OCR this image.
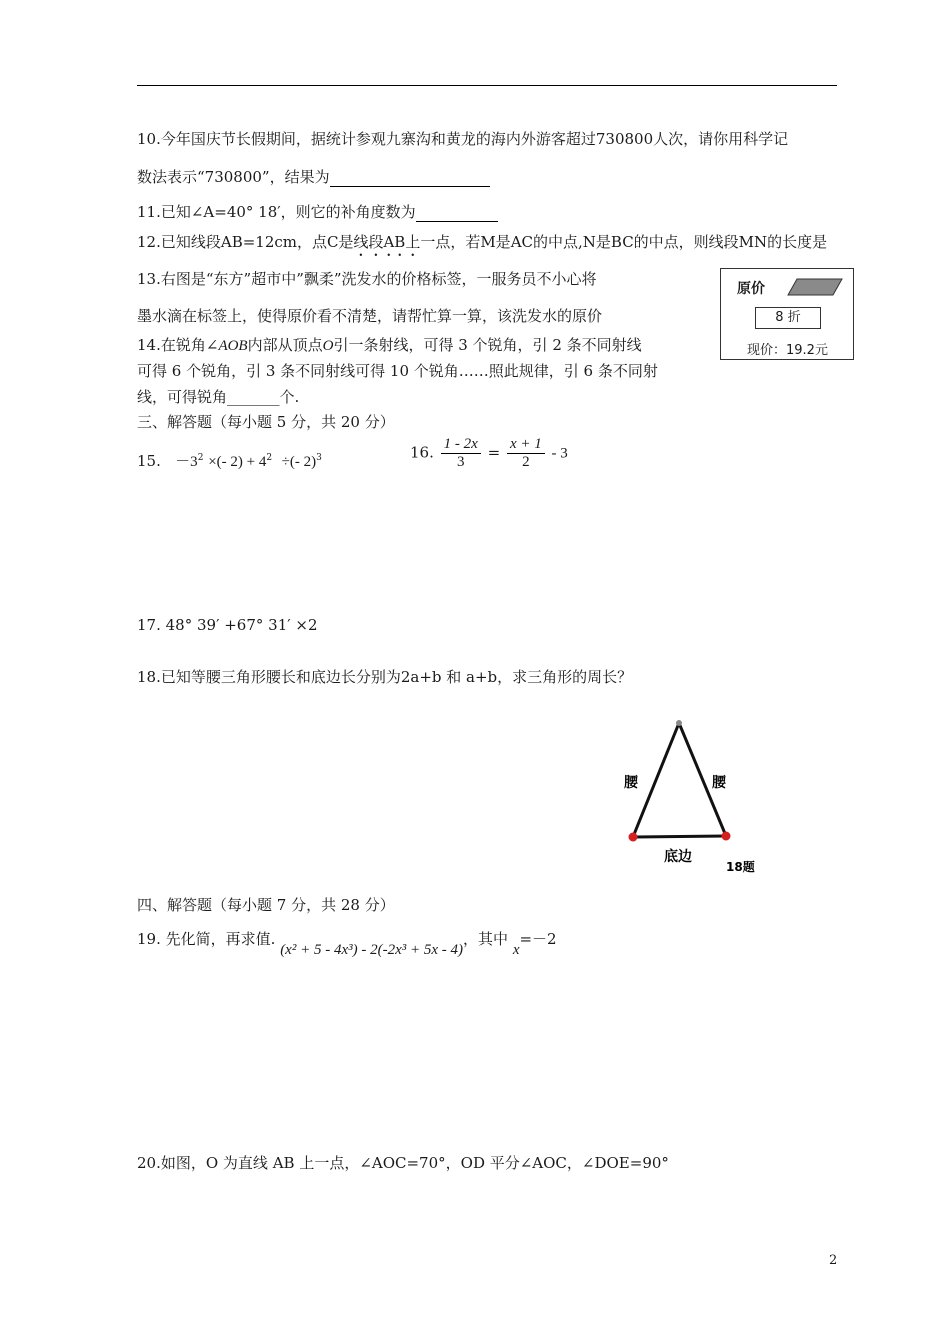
10.今年国庆节长假期间，据统计参观九寨沟和黄龙的海内外游客超过730800人次，请你用科学记
数法表示“730800”，结果为
11.已知∠A=40° 18′，则它的补角度数为
12.已知线段AB=12cm，点C是线段AB上一点，若M是AC的中点,N是BC的中点，则线段MN的长度是
13.右图是“东方”超市中”飘柔”洗发水的价格标签，一服务员不小心将
墨水滴在标签上，使得原价看不清楚，请帮忙算一算，该洗发水的原价
原价
8 折
现价：19.2元
14.在锐角∠AOB内部从顶点O引一条射线，可得 3 个锐角，引 2 条不同射线
可得 6 个锐角，引 3 条不同射线可得 10 个锐角……照此规律，引 6 条不同射
线，可得锐角_______个.
三、解答题（每小题 5 分，共 20 分）
15. $-3^2$ ×(- $2) + 4^2$ ÷(- 2)$^3$	16. $\frac{1 - 2x}{3} = \frac{x + 1}{2} - 3$
17. 48° 39′ +67° 31′ ×2
18.已知等腰三角形腰长和底边长分别为2a+b 和 a+b，求三角形的周长？
腰	腰
底边
18题
四、解答题（每小题 7 分，共 28 分）
19. 先化简，再求值. (x² + 5 - 4x³) - 2(-2x³ + 5x - 4)，其中 x=－2
20.如图，O 为直线 AB 上一点，∠AOC=70°，OD 平分∠AOC，∠DOE=90°
2
